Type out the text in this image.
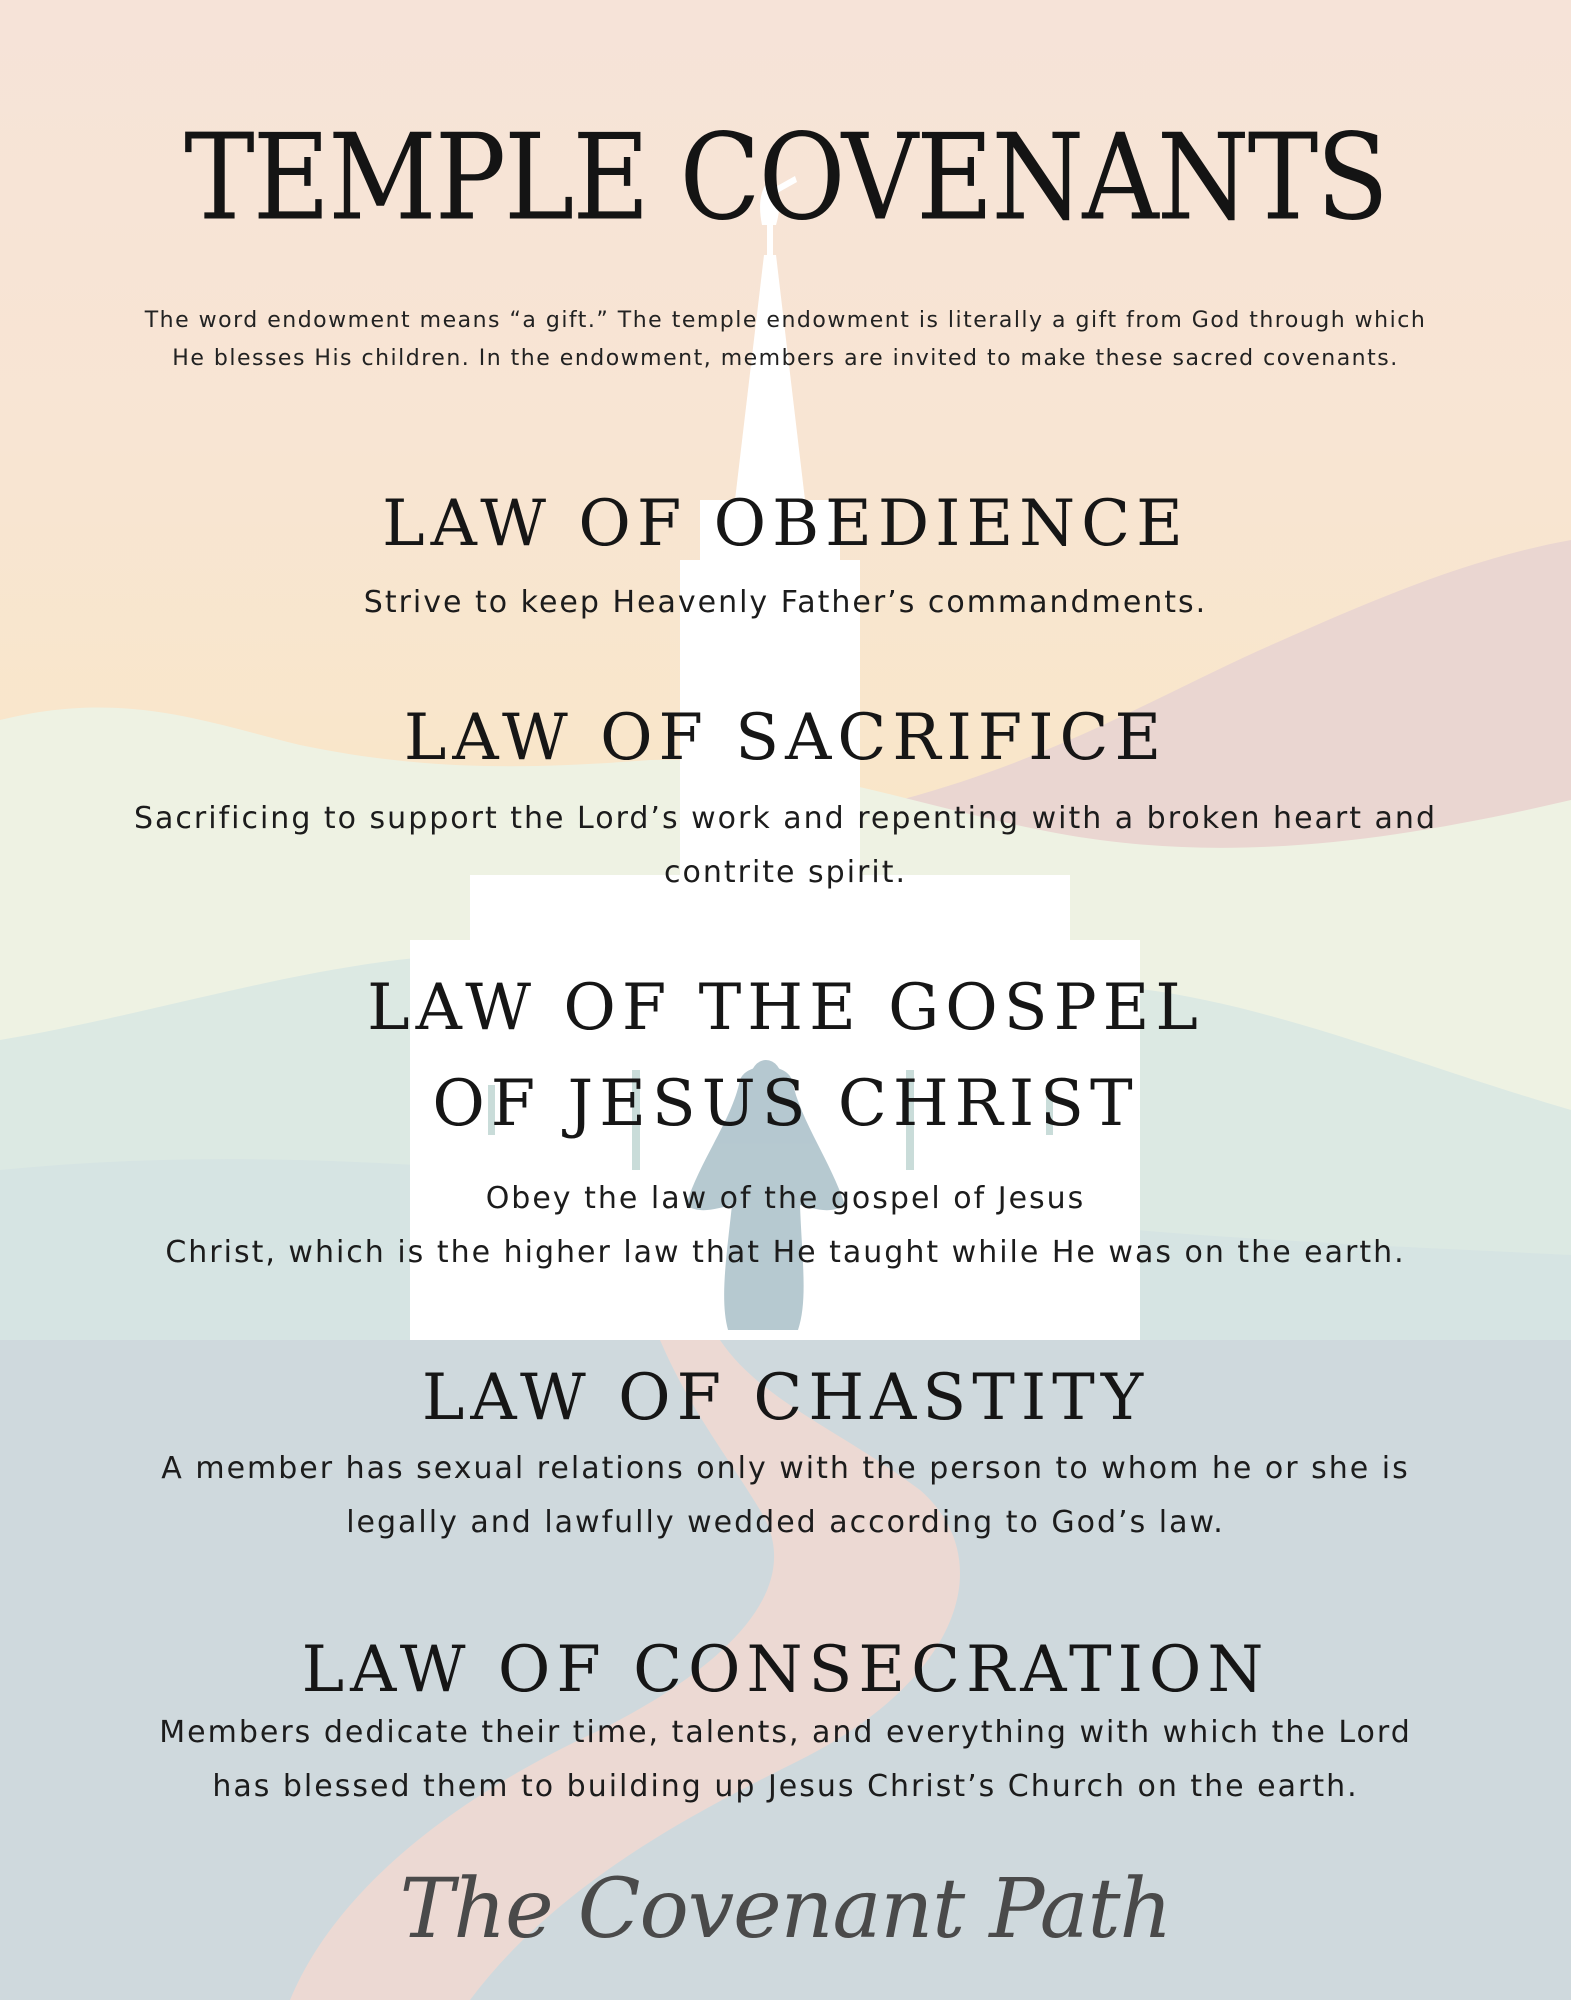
TEMPLE COVENANTS

The word endowment means “a gift.” The temple endowment is literally a gift from God through which He blesses His children. In the endowment, members are invited to make these sacred covenants.

LAW OF OBEDIENCE

Strive to keep Heavenly Father’s commandments.

LAW OF SACRIFICE

Sacrificing to support the Lord’s work and repenting with a broken heart and contrite spirit.

LAW OF THE GOSPEL OF JESUS CHRIST

Obey the law of the gospel of Jesus

Christ, which is the higher law that He taught while He was on the earth.

LAW OF CHASTITY

A member has sexual relations only with the person to whom he or she is legally and lawfully wedded according to God’s law.

LAW OF CONSECRATION

Members dedicate their time, talents, and everything with which the Lord has blessed them to building up Jesus Christ’s Church on the earth.

The Covenant Path
